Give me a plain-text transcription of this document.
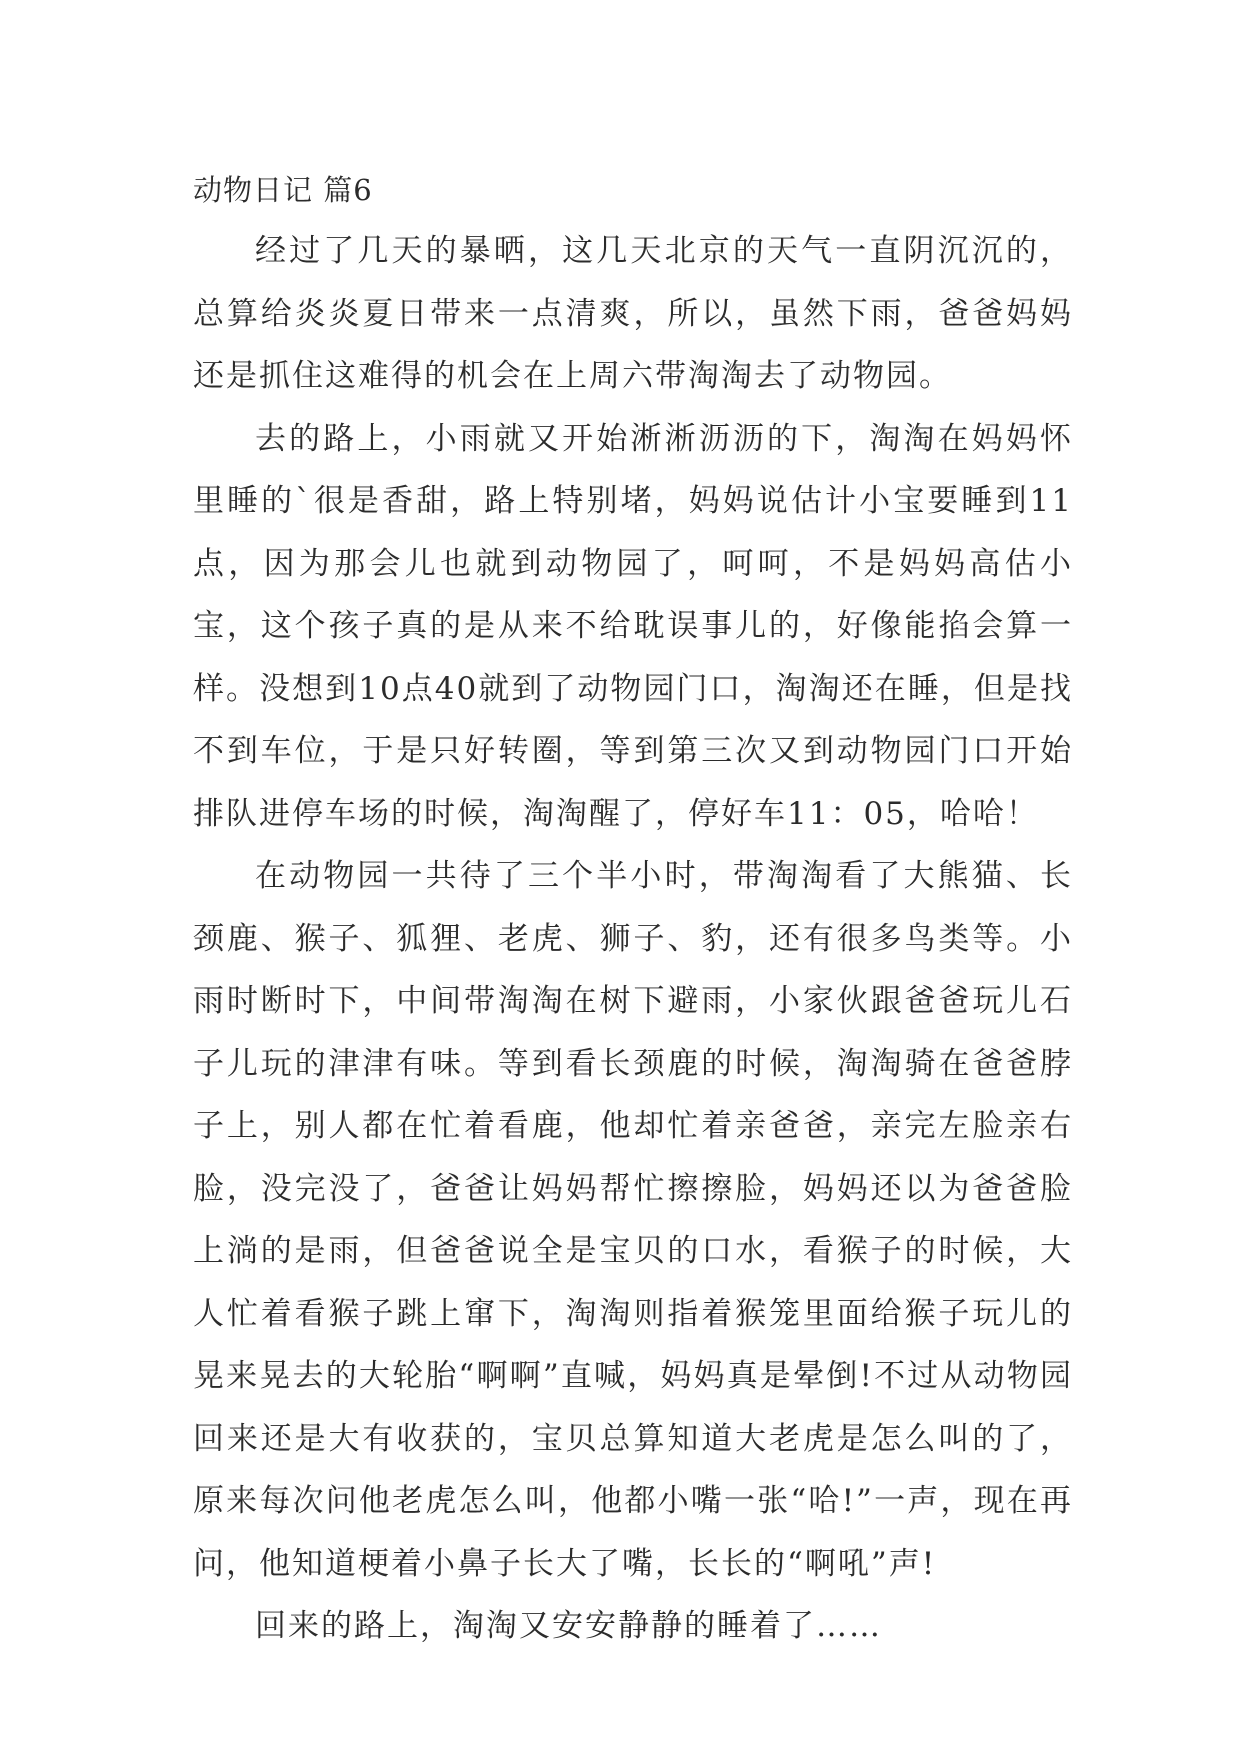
动物日记 篇6

经过了几天的暴晒，这几天北京的天气一直阴沉沉的，总算给炎炎夏日带来一点清爽，所以，虽然下雨，爸爸妈妈还是抓住这难得的机会在上周六带淘淘去了动物园。

去的路上，小雨就又开始淅淅沥沥的下，淘淘在妈妈怀里睡的`很是香甜，路上特别堵，妈妈说估计小宝要睡到11点，因为那会儿也就到动物园了，呵呵，不是妈妈高估小宝，这个孩子真的是从来不给耽误事儿的，好像能掐会算一样。没想到10点40就到了动物园门口，淘淘还在睡，但是找不到车位，于是只好转圈，等到第三次又到动物园门口开始排队进停车场的时候，淘淘醒了，停好车11：05，哈哈！

在动物园一共待了三个半小时，带淘淘看了大熊猫、长颈鹿、猴子、狐狸、老虎、狮子、豹，还有很多鸟类等。小雨时断时下，中间带淘淘在树下避雨，小家伙跟爸爸玩儿石子儿玩的津津有味。等到看长颈鹿的时候，淘淘骑在爸爸脖子上，别人都在忙着看鹿，他却忙着亲爸爸，亲完左脸亲右脸，没完没了，爸爸让妈妈帮忙擦擦脸，妈妈还以为爸爸脸上淌的是雨，但爸爸说全是宝贝的口水，看猴子的时候，大人忙着看猴子跳上窜下，淘淘则指着猴笼里面给猴子玩儿的晃来晃去的大轮胎“啊啊”直喊，妈妈真是晕倒!不过从动物园回来还是大有收获的，宝贝总算知道大老虎是怎么叫的了，原来每次问他老虎怎么叫，他都小嘴一张“哈!”一声，现在再问，他知道梗着小鼻子长大了嘴，长长的“啊吼”声!

回来的路上，淘淘又安安静静的睡着了……
